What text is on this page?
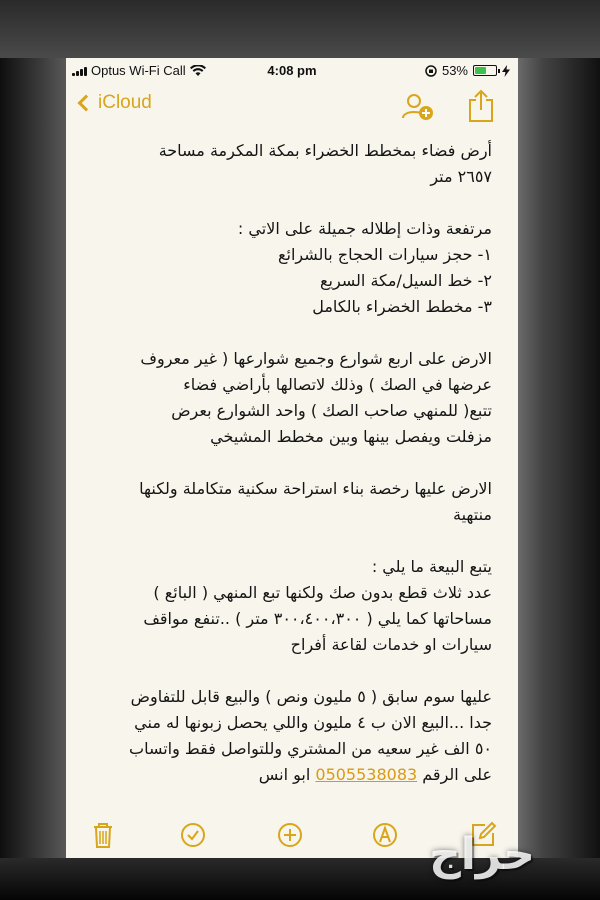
Optus Wi-Fi Call	4:08 pm	53%
iCloud

أرض فضاء بمخطط الخضراء بمكة المكرمة مساحة

٢٦٥٧ متر

مرتفعة وذات إطلاله جميلة على الاتي :

١- حجز سيارات الحجاج بالشرائع

٢- خط السيل/مكة السريع

٣- مخطط الخضراء بالكامل

الارض على اربع شوارع وجميع شوارعها ( غير معروف

عرضها في الصك ) وذلك لاتصالها بأراضي فضاء

تتبع( للمنهي صاحب الصك ) واحد الشوارع بعرض

مزفلت ويفصل بينها وبين مخطط المشيخي

الارض عليها رخصة بناء استراحة سكنية متكاملة ولكنها

منتهية

يتبع البيعة ما يلي :

عدد ثلاث قطع بدون صك ولكنها تبع المنهي ( البائع )

مساحاتها كما يلي ( ٣٠٠،٤٠٠،٣٠٠ متر ) ..تنفع مواقف

سيارات او خدمات لقاعة أفراح

عليها سوم سابق ( ٥ مليون ونص ) والبيع قابل للتفاوض

جدا ...البيع الان ب ٤ مليون واللي يحصل زبونها له مني

٥٠ الف غير سعيه من المشتري وللتواصل فقط واتساب

على الرقم 0505538083 ابو انس

حراج
